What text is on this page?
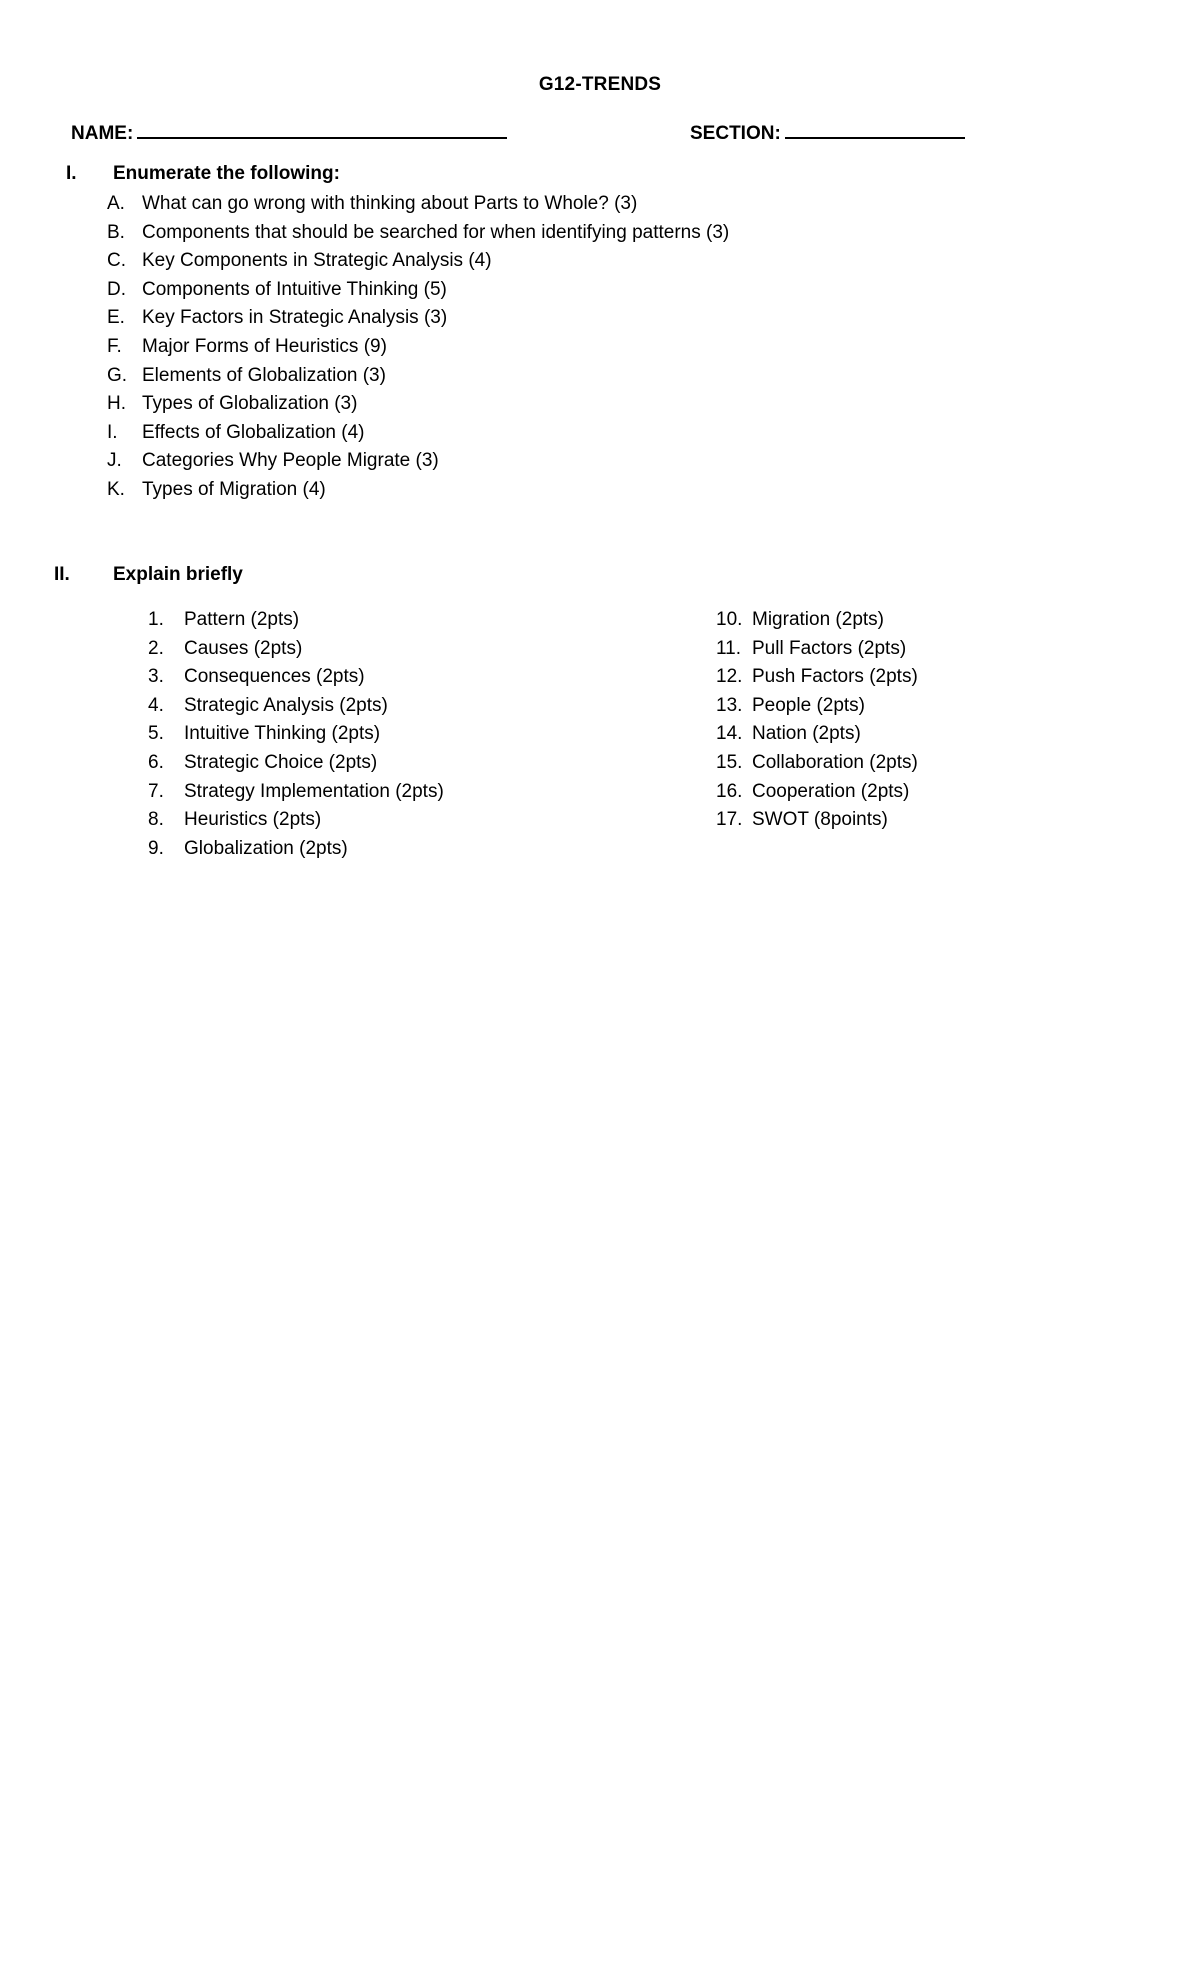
G12-TRENDS
NAME:	SECTION:
I. Enumerate the following:
A. What can go wrong with thinking about Parts to Whole? (3)
B. Components that should be searched for when identifying patterns (3)
C. Key Components in Strategic Analysis (4)
D. Components of Intuitive Thinking (5)
E. Key Factors in Strategic Analysis (3)
F. Major Forms of Heuristics (9)
G. Elements of Globalization (3)
H. Types of Globalization (3)
I. Effects of Globalization (4)
J. Categories Why People Migrate (3)
K. Types of Migration (4)
II. Explain briefly
1. Pattern (2pts)
2. Causes (2pts)
3. Consequences (2pts)
4. Strategic Analysis (2pts)
5. Intuitive Thinking (2pts)
6. Strategic Choice (2pts)
7. Strategy Implementation (2pts)
8. Heuristics (2pts)
9. Globalization (2pts)
10. Migration (2pts)
11. Pull Factors (2pts)
12. Push Factors (2pts)
13. People (2pts)
14. Nation (2pts)
15. Collaboration (2pts)
16. Cooperation (2pts)
17. SWOT (8points)
